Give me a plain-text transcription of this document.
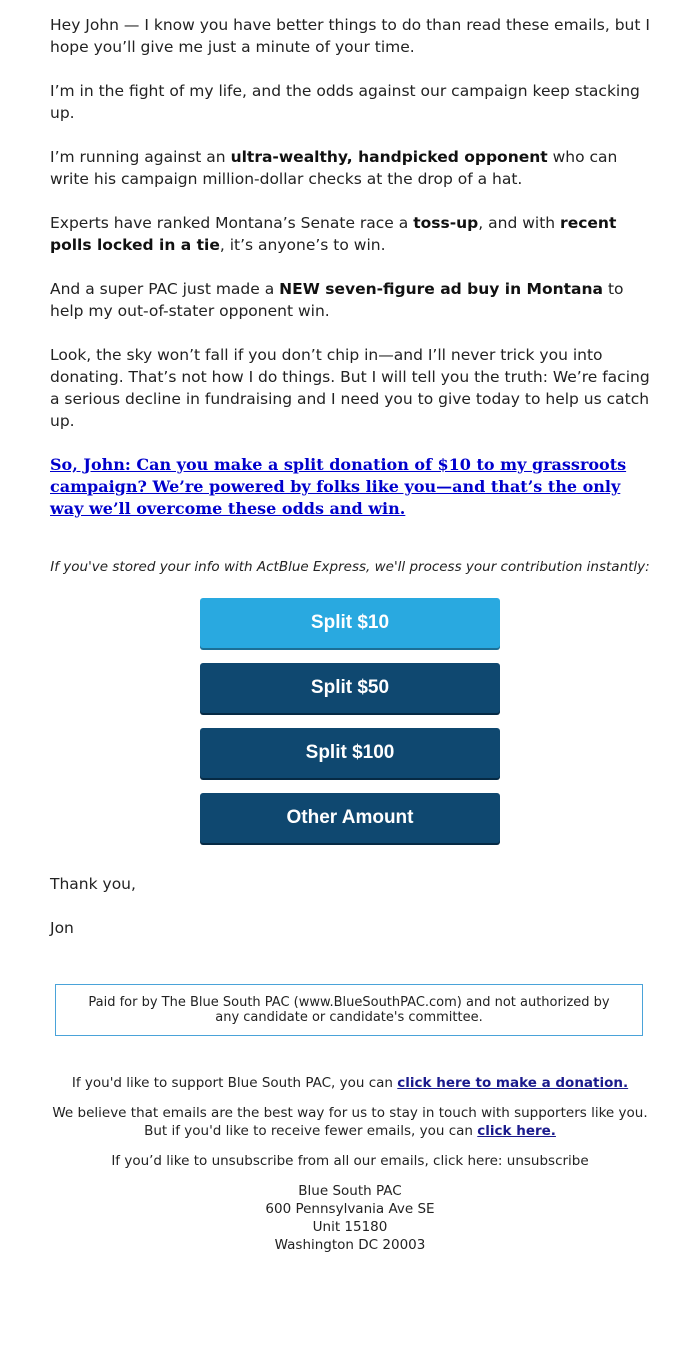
Hey John — I know you have better things to do than read these emails, but I hope you’ll give me just a minute of your time.

I’m in the fight of my life, and the odds against our campaign keep stacking up.

I’m running against an ultra-wealthy, handpicked opponent who can write his campaign million-dollar checks at the drop of a hat.

Experts have ranked Montana’s Senate race a toss-up, and with recent polls locked in a tie, it’s anyone’s to win.

And a super PAC just made a NEW seven-figure ad buy in Montana to help my out-of-stater opponent win.

Look, the sky won’t fall if you don’t chip in—and I’ll never trick you into donating. That’s not how I do things. But I will tell you the truth: We’re facing a serious decline in fundraising and I need you to give today to help us catch up.

So, John: Can you make a split donation of $10 to my grassroots campaign? We’re powered by folks like you—and that’s the only way we’ll overcome these odds and win.
If you've stored your info with ActBlue Express, we'll process your contribution instantly:
Split $10
Split $50
Split $100
Other Amount

Thank you,

Jon

Paid for by The Blue South PAC (www.BlueSouthPAC.com) and not authorized by any candidate or candidate's committee.

If you'd like to support Blue South PAC, you can click here to make a donation.

We believe that emails are the best way for us to stay in touch with supporters like you. But if you'd like to receive fewer emails, you can click here.

If you’d like to unsubscribe from all our emails, click here: unsubscribe

Blue South PAC
600 Pennsylvania Ave SE
Unit 15180
Washington DC 20003
